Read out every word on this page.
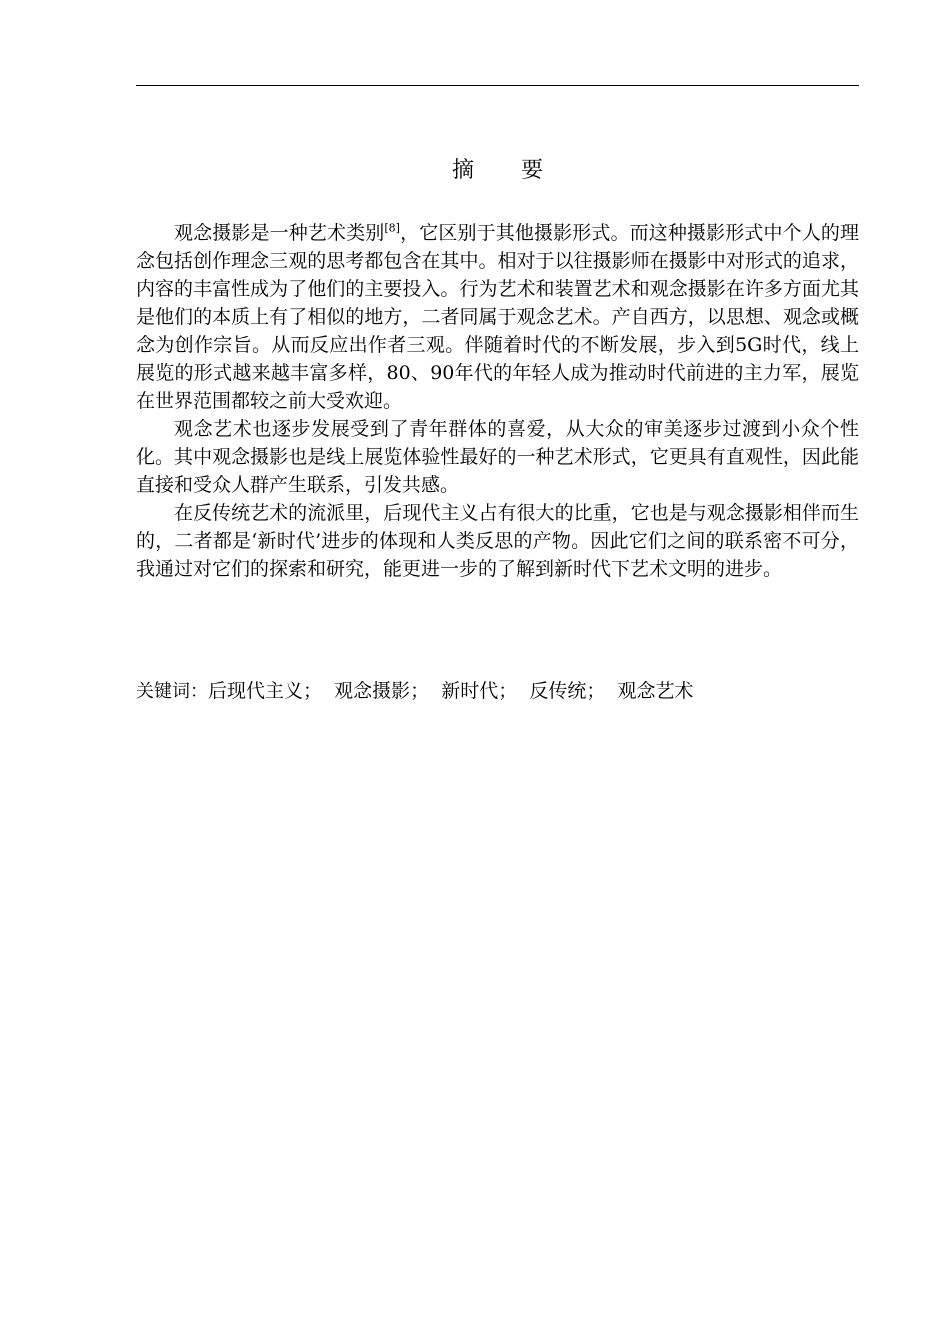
摘 要

观念摄影是一种艺术类别[8]，它区别于其他摄影形式。而这种摄影形式中个人的理念包括创作理念三观的思考都包含在其中。相对于以往摄影师在摄影中对形式的追求，内容的丰富性成为了他们的主要投入。行为艺术和装置艺术和观念摄影在许多方面尤其是他们的本质上有了相似的地方，二者同属于观念艺术。产自西方，以思想、观念或概念为创作宗旨。从而反应出作者三观。伴随着时代的不断发展，步入到5G时代，线上展览的形式越来越丰富多样，80、90年代的年轻人成为推动时代前进的主力军，展览在世界范围都较之前大受欢迎。

观念艺术也逐步发展受到了青年群体的喜爱，从大众的审美逐步过渡到小众个性化。其中观念摄影也是线上展览体验性最好的一种艺术形式，它更具有直观性，因此能直接和受众人群产生联系，引发共感。

在反传统艺术的流派里，后现代主义占有很大的比重，它也是与观念摄影相伴而生的，二者都是‘新时代’进步的体现和人类反思的产物。因此它们之间的联系密不可分，我通过对它们的探索和研究，能更进一步的了解到新时代下艺术文明的进步。

关键词：后现代主义； 观念摄影； 新时代； 反传统； 观念艺术
